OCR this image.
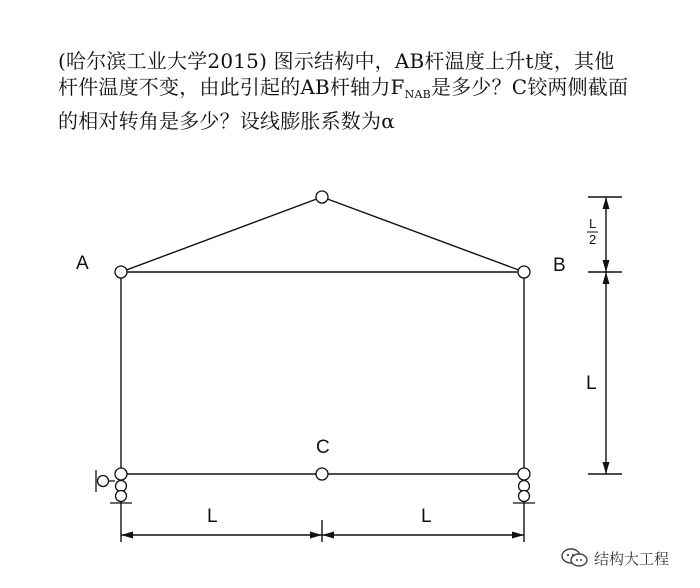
(哈尔滨工业大学2015) 图示结构中，AB杆温度上升t度，其他
杆件温度不变，由此引起的AB杆轴力$F_{NAB}$是多少？C铰两侧截面
的相对转角是多少？设线膨胀系数为α
A	B
C
L	L
L
L
2
结构大工程
